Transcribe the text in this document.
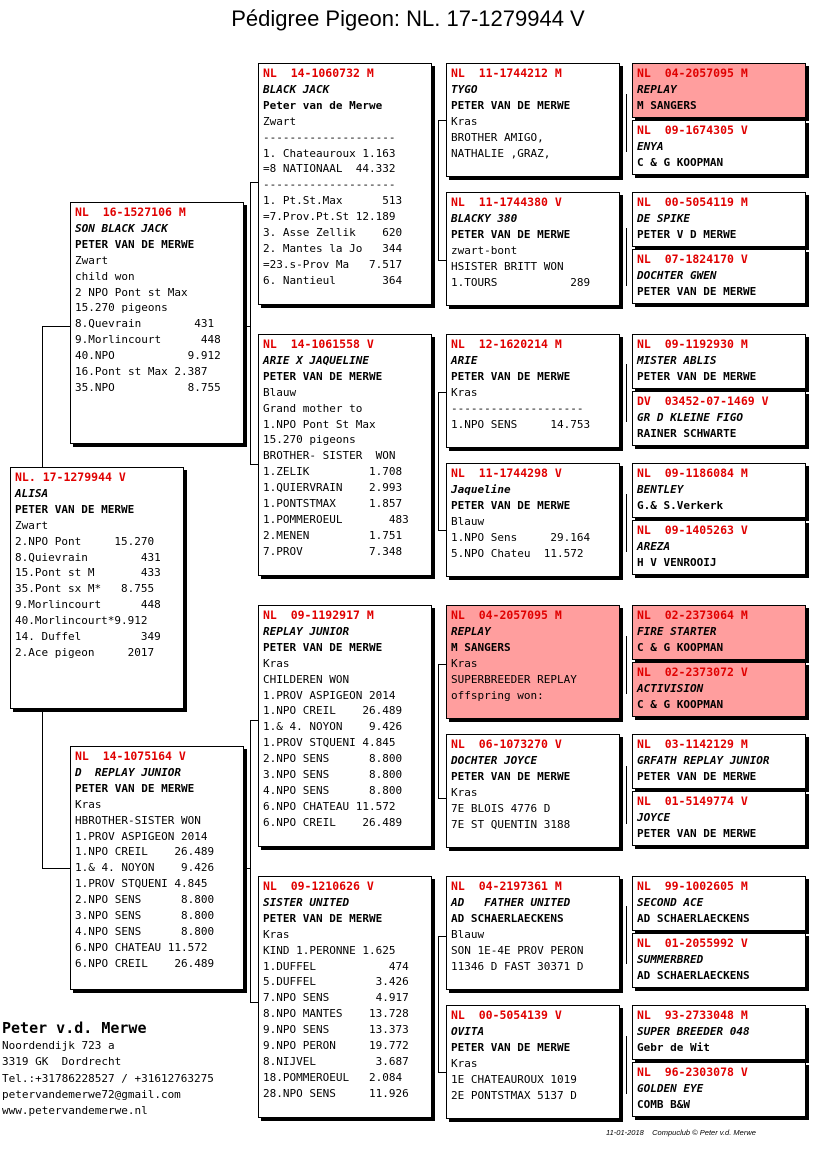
Pédigree Pigeon: NL. 17-1279944 V
NL. 17-1279944 V
ALISA
PETER VAN DE MERWE
Zwart
2.NPO Pont     15.270
8.Quievrain        431
15.Pont st M       433
35.Pont sx M*   8.755
9.Morlincourt      448
40.Morlincourt*9.912
14. Duffel         349
2.Ace pigeon     2017
NL  16-1527106 M
SON BLACK JACK
PETER VAN DE MERWE
Zwart
child won
2 NPO Pont st Max
15.270 pigeons
8.Quevrain        431
9.Morlincourt      448
40.NPO           9.912
16.Pont st Max 2.387
35.NPO           8.755
NL  14-1075164 V
D  REPLAY JUNIOR
PETER VAN DE MERWE
Kras
HBROTHER-SISTER WON
1.PROV ASPIGEON 2014
1.NPO CREIL    26.489
1.& 4. NOYON    9.426
1.PROV STQUENI 4.845
2.NPO SENS      8.800
3.NPO SENS      8.800
4.NPO SENS      8.800
6.NPO CHATEAU 11.572
6.NPO CREIL    26.489
NL  14-1060732 M
BLACK JACK
Peter van de Merwe
Zwart
--------------------
1. Chateauroux 1.163
=8 NATIONAAL  44.332
--------------------
1. Pt.St.Max      513
=7.Prov.Pt.St 12.189
3. Asse Zellik    620
2. Mantes la Jo   344
=23.s-Prov Ma   7.517
6. Nantieul       364
NL  14-1061558 V
ARIE X JAQUELINE
PETER VAN DE MERWE
Blauw
Grand mother to
1.NPO Pont St Max
15.270 pigeons
BROTHER- SISTER  WON
1.ZELIK         1.708
1.QUIERVRAIN    2.993
1.PONTSTMAX     1.857
1.POMMEROEUL       483
2.MENEN         1.751
7.PROV          7.348
NL  09-1192917 M
REPLAY JUNIOR
PETER VAN DE MERWE
Kras
CHILDEREN WON
1.PROV ASPIGEON 2014
1.NPO CREIL    26.489
1.& 4. NOYON    9.426
1.PROV STQUENI 4.845
2.NPO SENS      8.800
3.NPO SENS      8.800
4.NPO SENS      8.800
6.NPO CHATEAU 11.572
6.NPO CREIL    26.489
NL  09-1210626 V
SISTER UNITED
PETER VAN DE MERWE
Kras
KIND 1.PERONNE 1.625
1.DUFFEL           474
5.DUFFEL         3.426
7.NPO SENS       4.917
8.NPO MANTES    13.728
9.NPO SENS      13.373
9.NPO PERON     19.772
8.NIJVEL         3.687
18.POMMEROEUL   2.084
28.NPO SENS     11.926
NL  11-1744212 M
TYGO
PETER VAN DE MERWE
Kras
BROTHER AMIGO,
NATHALIE ,GRAZ,
NL  11-1744380 V
BLACKY 380
PETER VAN DE MERWE
zwart-bont
HSISTER BRITT WON
1.TOURS           289
NL  12-1620214 M
ARIE
PETER VAN DE MERWE
Kras
--------------------
1.NPO SENS     14.753
NL  11-1744298 V
Jaqueline
PETER VAN DE MERWE
Blauw
1.NPO Sens     29.164
5.NPO Chateu  11.572
NL  04-2057095 M
REPLAY
M SANGERS
Kras
SUPERBREEDER REPLAY
offspring won:
NL  06-1073270 V
DOCHTER JOYCE
PETER VAN DE MERWE
Kras
7E BLOIS 4776 D
7E ST QUENTIN 3188
NL  04-2197361 M
AD   FATHER UNITED
AD SCHAERLAECKENS
Blauw
SON 1E-4E PROV PERON
11346 D FAST 30371 D
NL  00-5054139 V
OVITA
PETER VAN DE MERWE
Kras
1E CHATEAUROUX 1019
2E PONTSTMAX 5137 D
NL  04-2057095 M
REPLAY
M SANGERS
NL  09-1674305 V
ENYA
C & G KOOPMAN
NL  00-5054119 M
DE SPIKE
PETER V D MERWE
NL  07-1824170 V
DOCHTER GWEN
PETER VAN DE MERWE
NL  09-1192930 M
MISTER ABLIS
PETER VAN DE MERWE
DV  03452-07-1469 V
GR D KLEINE FIGO
RAINER SCHWARTE
NL  09-1186084 M
BENTLEY
G.& S.Verkerk
NL  09-1405263 V
AREZA
H V VENROOIJ
NL  02-2373064 M
FIRE STARTER
C & G KOOPMAN
NL  02-2373072 V
ACTIVISION
C & G KOOPMAN
NL  03-1142129 M
GRFATH REPLAY JUNIOR
PETER VAN DE MERWE
NL  01-5149774 V
JOYCE
PETER VAN DE MERWE
NL  99-1002605 M
SECOND ACE
AD SCHAERLAECKENS
NL  01-2055992 V
SUMMERBRED
AD SCHAERLAECKENS
NL  93-2733048 M
SUPER BREEDER 048
Gebr de Wit
NL  96-2303078 V
GOLDEN EYE
COMB B&W
Peter v.d. Merwe
Noordendijk 723 a
3319 GK  Dordrecht
Tel.:+31786228527 / +31612763275
petervandemerwe72@gmail.com
www.petervandemerwe.nl
11-01-2018    Compuclub © Peter v.d. Merwe
